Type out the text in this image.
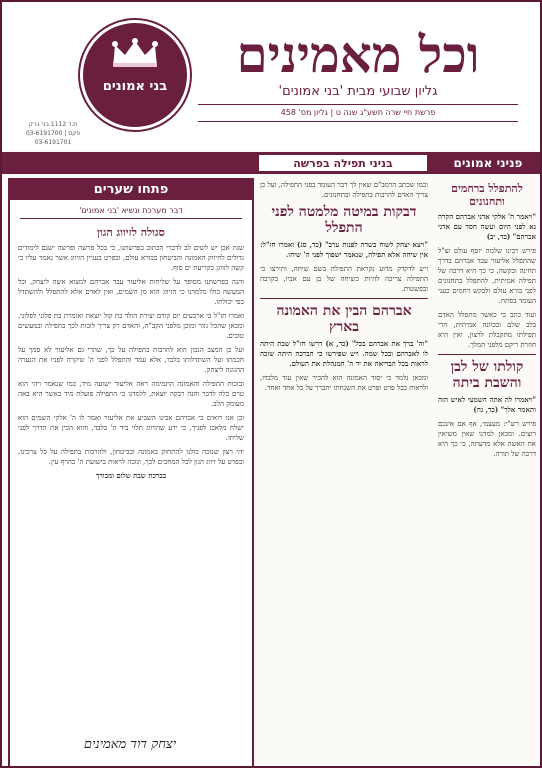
בני אמונים
ת.ד 1112 בני ברק
03-6191700 | פקס
03-6191701
וכל מאמינים
גליון שבועי מבית 'בני אמונים'
פרשת חיי שרה תשע"ג שנה ט | גליון מס' 458
פניני אמונים
בניני תפילה בפרשה
להתפלל ברחמים ותחנונים

"ויאמר ה' אלקי אדני אברהם הקרה נא לפני היום ועשה חסד עם אדני אברהם" (כד, יב)

פירש רבינו שלמה יוסף עולם זצ"ל שהתפלל אליעזר עבד אברהם בדרך תחינה ובקשה, כי כך היא דרכה של תפילה אמיתית, להתפלל בתחנונים לפני בורא עולם ולבקש רחמים כעני העומד בפתח.

ועוד כתב כי כאשר מתפלל האדם בלב שלם ובכוונה אמיתית, הרי תפילתו מתקבלת לרצון, ואין היא חוזרת ריקם מלפני המלך.

קולתו של לבן והשבת ביתה

"ויאמרו לה אתה השמעי לאיש הזה ותאמר אלך" (כד, נח)

פירש רש"י: מעצמי, אף אם אינכם רוצים. ומכאן למדנו שאין משיאין את האשה אלא מדעתה, כי כך היא דרכה של תורה.

וכמו שכתב הרמב"ם שאין לך דבר העומד בפני התפילה, ועל כן צריך האדם להרבות בתפילה ובתחנונים.

דבקות במיטה מלמטה לפני התפלל

"ויצא יצחק לשוח בשדה לפנות ערב" (כד, סג) ואמרו חז"ל: אין שיחה אלא תפילה, שנאמר ישפוך לפני ה' שיחו.

ויש לדקדק מדוע נקראת התפילה בשם שיחה, ותירצו כי התפילה צריכה להיות כשיחה של בן עם אביו, בקרבה ובפשטות.

אברהם הבין את האמונה בארץ

"וה' ברך את אברהם בכל" (כד, א) דרשו חז"ל שבת היתה לו לאברהם ובכל שמה. ויש שפירשו כי הברכה היתה שזכה לראות בכל הבריאה את יד ה' המנהלת את העולם.

ומכאן נלמד כי יסוד האמונה הוא להכיר שאין עוד מלבדו, ולראות בכל פרט ופרט את השגחתו יתברך על כל אחד ואחד.

פתחו שערים
דבר מערכת ונשיא 'בני אמונים'
סגולה לזיווג הגון

שנת אכן יש לשים לב לדברי הכתוב בפרשתנו, כי בכל פרשה ופרשה ישנם לימודים גדולים לחיזוק האמונה והביטחון בבורא עולם, ובפרט בעניין הזיווג אשר נאמר עליו כי קשה לזווגן כקריעת ים סוף.

והנה בפרשתנו מסופר על שליחות אליעזר עבד אברהם למצוא אשה ליצחק, וכל המעשה כולו מלמדנו כי הזיווג הוא מן השמים, ואין לאדם אלא להתפלל ולהשתדל כפי יכולתו.

ואמרו חז"ל כי ארבעים יום קודם יצירת הולד בת קול יוצאת ואומרת בת פלוני לפלוני, ומכאן שהכל גזור ומוכן מלפני הקב"ה, והאדם רק צריך לזכות לכך בתפילה ובמעשים טובים.

ועל כן המצב הנכון הוא להרבות בתפילה על כך, שהרי גם אליעזר לא סמך על חכמתו ועל השתדלותו בלבד, אלא עמד והתפלל לפני ה' שיקרה לפניו את הנערה ההגונה ליצחק.

ובזכות התפילה והאמונה התמימה ראה אליעזר ישועה מיד, כמו שנאמר ויהי הוא טרם כלה לדבר והנה רבקה יוצאת, ללמדנו כי התפילה פועלת מיד כאשר היא באה מעומק הלב.

וכן אנו רואים כי אברהם אבינו השביע את אליעזר ואמר לו ה' אלקי השמים הוא ישלח מלאכו לפניך, כי ידע שהזיווג תלוי ביד ה' בלבד, והוא הכין את הדרך לפני שליחו.

יהי רצון שנזכה כולנו להתחזק באמונה ובביטחון, ולהרבות בתפילה על כל צרכינו, ובפרט על זיווג הגון לכל המחכים לכך, ונזכה לראות בישועת ה' כהרף עין.

בברכת שבת שלום ומבורך

יצחק דוד מאמינים
